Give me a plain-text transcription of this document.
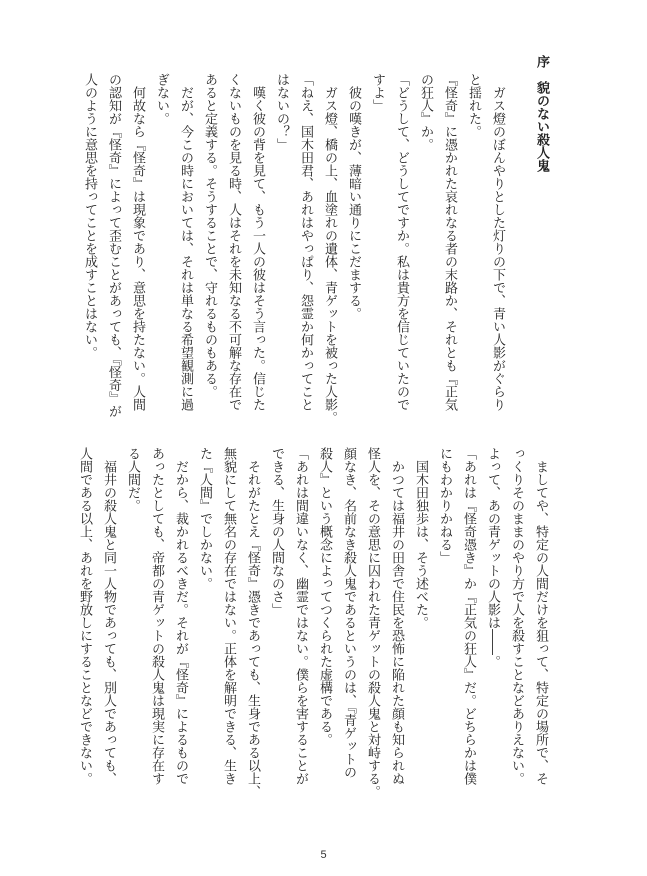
序　貌のない殺人鬼
　ガス燈のぼんやりとした灯りの下で、青い人影がぐらり
と揺れた。
『怪奇』に憑かれた哀れなる者の末路か、それとも『正気
の狂人』か。
「どうして、どうしてですか。私は貴方を信じていたので
すよ」
　彼の嘆きが、薄暗い通りにこだまする。
　ガス燈、橋の上、血塗れの遺体、青ゲットを被った人影。
「ねえ、国木田君、あれはやっぱり、怨霊か何かってこと
はないの？」
　嘆く彼の背を見て、もう一人の彼はそう言った。信じた
くないものを見る時、人はそれを未知なる不可解な存在で
あると定義する。そうすることで、守れるものもある。
　だが、今この時においては、それは単なる希望観測に過
ぎない。
　何故なら『怪奇』は現象であり、意思を持たない。人間
の認知が『怪奇』によって歪むことがあっても、『怪奇』が
人のように意思を持ってことを成すことはない。
　ましてや、特定の人間だけを狙って、特定の場所で、そ
っくりそのままのやり方で人を殺すことなどありえない。
よって、あの青ゲットの人影は――。
「あれは『怪奇憑き』か『正気の狂人』だ。どちらかは僕
にもわかりかねる」
　国木田独歩は、そう述べた。
　かつては福井の田舎で住民を恐怖に陥れた顔も知られぬ
怪人を、その意思に囚われた青ゲットの殺人鬼と対峙する。
顔なき、名前なき殺人鬼であるというのは、『青ゲットの
殺人』という概念によってつくられた虚構である。
「あれは間違いなく、幽霊ではない。僕らを害することが
できる、生身の人間なのさ」
　それがたとえ『怪奇』憑きであっても、生身である以上、
無貌にして無名の存在ではない。正体を解明できる、生き
た『人間』でしかない。
　だから、裁かれるべきだ。それが『怪奇』によるもので
あったとしても、帝都の青ゲットの殺人鬼は現実に存在す
る人間だ。
　福井の殺人鬼と同一人物であっても、別人であっても、
人間である以上、あれを野放しにすることなどできない。
5
